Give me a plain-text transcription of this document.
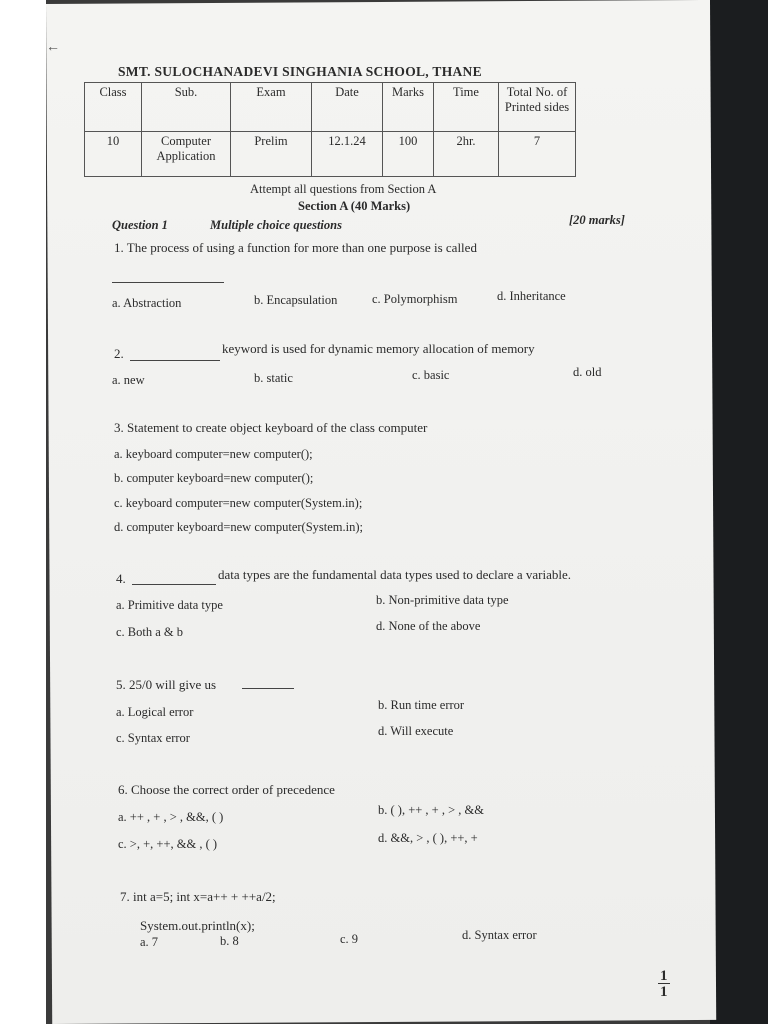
←
SMT. SULOCHANADEVI SINGHANIA SCHOOL, THANE
Class	Sub.	Exam	Date	Marks	Time	Total No. of Printed sides
10	Computer Application	Prelim	12.1.24	100	2hr.	7
Attempt all questions from Section A
Section A (40 Marks)
Question 1	Multiple choice questions	[20 marks]
1. The process of using a function for more than one purpose is called
a. Abstraction	b. Encapsulation	c. Polymorphism	d. Inheritance
2.	keyword is used for dynamic memory allocation of memory
a. new	b. static	c. basic	d. old
3. Statement to create object keyboard of the class computer
a. keyboard computer=new computer();
b. computer keyboard=new computer();
c. keyboard computer=new computer(System.in);
d. computer keyboard=new computer(System.in);
4.	data types are the fundamental data types used to declare a variable.
a. Primitive data type	b. Non-primitive data type
c. Both a & b	d. None of the above
5. 25/0 will give us
a. Logical error	b. Run time error
c. Syntax error	d. Will execute
6. Choose the correct order of precedence
a. ++ , + , > , &&, ( )	b. ( ), ++ , + , > , &&
c. >, +, ++, && , ( )	d. &&, > , ( ), ++, +
7. int a=5; int x=a++ + ++a/2;
System.out.println(x);
a. 7	b. 8	c. 9	d. Syntax error
1
1
